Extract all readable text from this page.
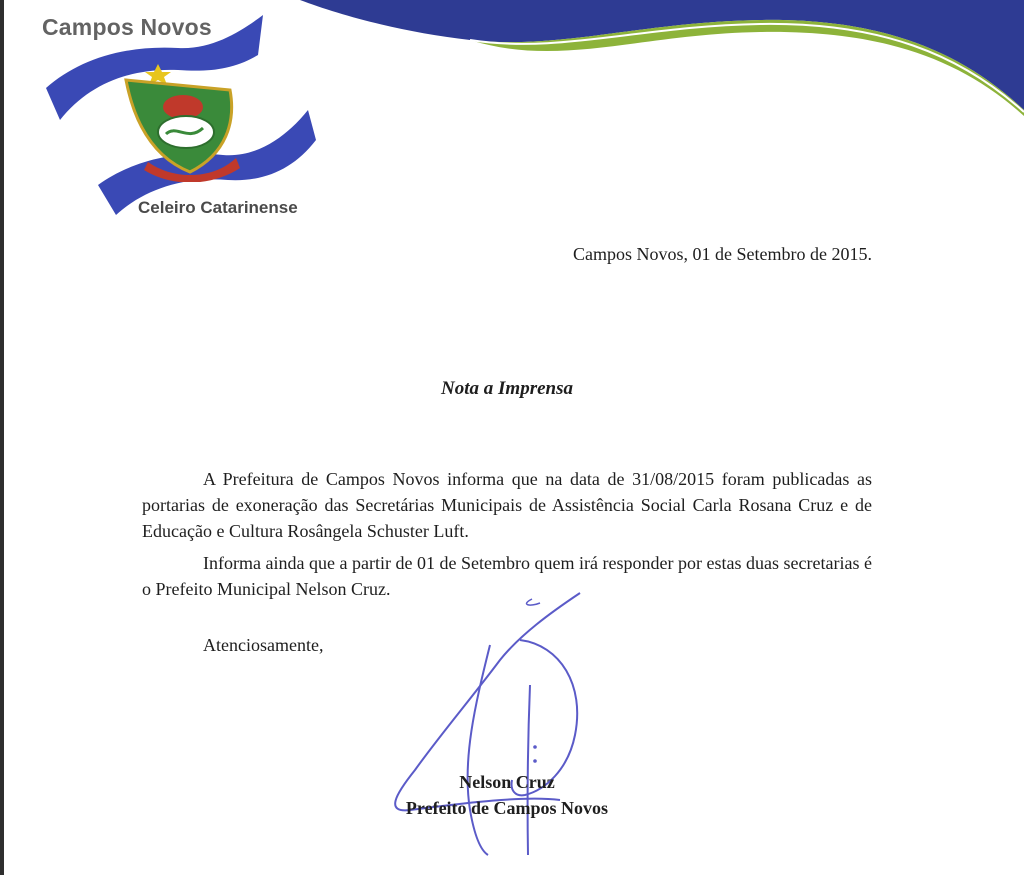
Campos Novos
Celeiro Catarinense
Campos Novos, 01 de Setembro de 2015.
Nota a Imprensa

A Prefeitura de Campos Novos informa que na data de 31/08/2015 foram publicadas as portarias de exoneração das Secretárias Municipais de Assistência Social Carla Rosana Cruz e de Educação e Cultura Rosângela Schuster Luft.

Informa ainda que a partir de 01 de Setembro quem irá responder por estas duas secretarias é o Prefeito Municipal Nelson Cruz.

Atenciosamente,
Nelson Cruz
Prefeito de Campos Novos
